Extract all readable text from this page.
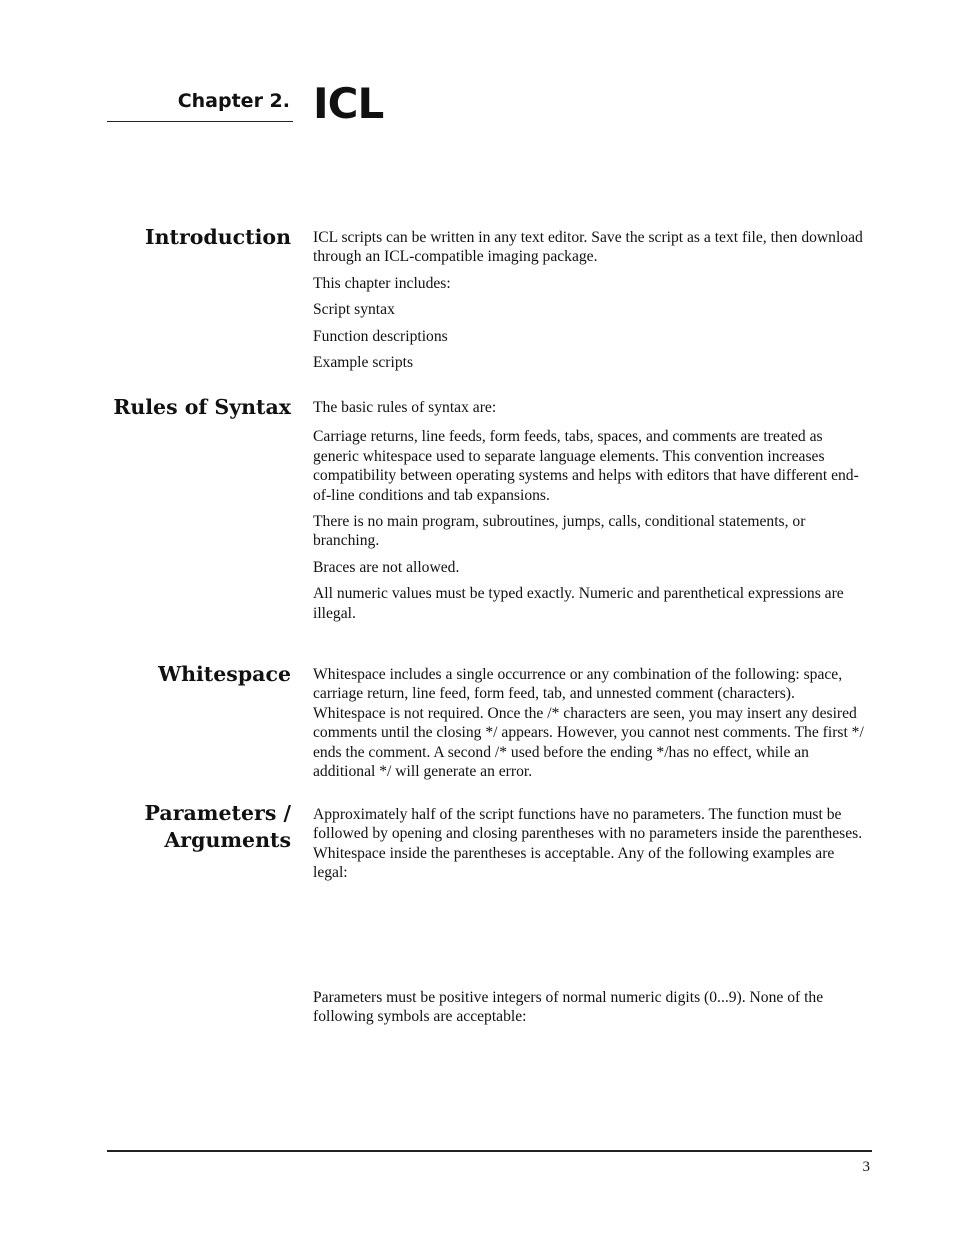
Chapter 2. ICL
Introduction ICL scripts can be written in any text editor. Save the script as a text file, then download through an ICL-compatible imaging package.

This chapter includes:

Script syntax

Function descriptions

Example scripts

Rules of Syntax The basic rules of syntax are:

Carriage returns, line feeds, form feeds, tabs, spaces, and comments are treated as generic whitespace used to separate language elements. This convention increases compatibility between operating systems and helps with editors that have different end-of-line conditions and tab expansions.

There is no main program, subroutines, jumps, calls, conditional statements, or branching.

Braces are not allowed.

All numeric values must be typed exactly. Numeric and parenthetical expressions are illegal.

Whitespace Whitespace includes a single occurrence or any combination of the following: space, carriage return, line feed, form feed, tab, and unnested comment (characters). Whitespace is not required. Once the /* characters are seen, you may insert any desired comments until the closing */ appears. However, you cannot nest comments. The first */ ends the comment. A second /* used before the ending */has no effect, while an additional */ will generate an error.

Parameters /
Arguments

Approximately half of the script functions have no parameters. The function must be followed by opening and closing parentheses with no parameters inside the parentheses. Whitespace inside the parentheses is acceptable. Any of the following examples are legal:

Parameters must be positive integers of normal numeric digits (0...9). None of the following symbols are acceptable:

3
